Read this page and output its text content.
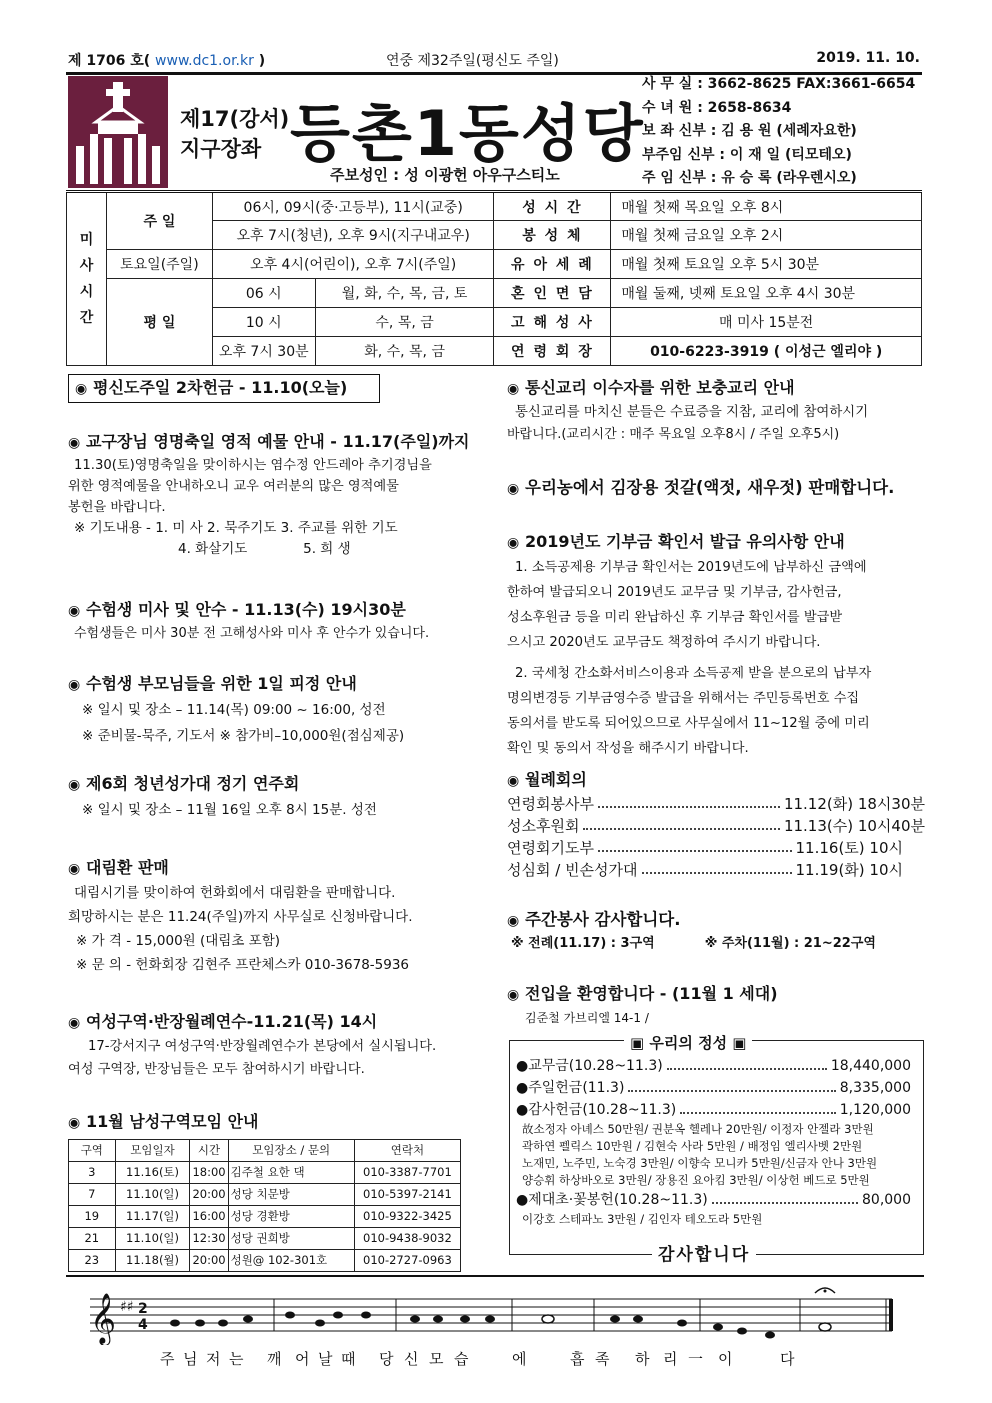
제 1706 호( www.dc1.or.kr )	연중 제32주일(평신도 주일)	2019. 11. 10.
제17(강서)
지구장좌 등촌1동성당
주보성인 : 성 이광헌 아우구스티노
사 무 실 : 3662-8625 FAX:3661-6654
수 녀 원 : 2658-8634
보 좌 신부 : 김 용 원 (세례자요한)
부주임 신부 : 이 재 일 (티모테오)
주 임 신부 : 유 승 록 (라우렌시오)
미
사
시
간	주 일	06시, 09시(중·고등부), 11시(교중)		성 시 간	매월 첫째 목요일 오후 8시
		오후 7시(청년), 오후 9시(지구내교우)		봉 성 체	매월 첫째 금요일 오후 2시
	토요일(주일)	오후 4시(어린이), 오후 7시(주일)		유 아 세 례	매월 첫째 토요일 오후 5시 30분
	평 일	06 시	월, 화, 수, 목, 금, 토	혼 인 면 담	매월 둘째, 넷째 토요일 오후 4시 30분
		10 시	수, 목, 금	고 해 성 사	매 미사 15분전
		오후 7시 30분	화, 수, 목, 금	연 령 회 장	010-6223-3919 ( 이성근 엘리야 )
◉ 평신도주일 2차헌금 - 11.10(오늘)
◉ 교구장님 영명축일 영적 예물 안내 - 11.17(주일)까지
11.30(토)영명축일을 맞이하시는 염수정 안드레아 추기경님을
위한 영적예물을 안내하오니 교우 여러분의 많은 영적예물
봉헌을 바랍니다.
※ 기도내용 - 1. 미 사 2. 묵주기도 3. 주교를 위한 기도
4. 화살기도             5. 희 생
◉ 수험생 미사 및 안수 - 11.13(수) 19시30분
수험생들은 미사 30분 전 고해성사와 미사 후 안수가 있습니다.
◉ 수험생 부모님들을 위한 1일 피정 안내
※ 일시 및 장소 – 11.14(목) 09:00 ~ 16:00, 성전
※ 준비물-묵주, 기도서 ※ 참가비–10,000원(점심제공)
◉ 제6회 청년성가대 정기 연주회
※ 일시 및 장소 – 11월 16일 오후 8시 15분. 성전
◉ 대림환 판매
대림시기를 맞이하여 헌화회에서 대림환을 판매합니다.
희망하시는 분은 11.24(주일)까지 사무실로 신청바랍니다.
※ 가 격 - 15,000원 (대림초 포함)
※ 문 의 - 헌화회장 김현주 프란체스카 010-3678-5936
◉ 여성구역·반장월례연수-11.21(목) 14시
17-강서지구 여성구역·반장월례연수가 본당에서 실시됩니다.
여성 구역장, 반장님들은 모두 참여하시기 바랍니다.
◉ 11월 남성구역모임 안내
구역	모임일자	시간	모임장소 / 문의	연락처
3	11.16(토)	18:00	김주철 요한 댁	010-3387-7701
7	11.10(일)	20:00	성당 치문방	010-5397-2141
19	11.17(일)	16:00	성당 경환방	010-9322-3425
21	11.10(일)	12:30	성당 권희방	010-9438-9032
23	11.18(월)	20:00	성원@ 102-301호	010-2727-0963
◉ 통신교리 이수자를 위한 보충교리 안내
통신교리를 마치신 분들은 수료증을 지참, 교리에 참여하시기
바랍니다.(교리시간 : 매주 목요일 오후8시 / 주일 오후5시)
◉ 우리농에서 김장용 젓갈(액젓, 새우젓) 판매합니다.
◉ 2019년도 기부금 확인서 발급 유의사항 안내
1. 소득공제용 기부금 확인서는 2019년도에 납부하신 금액에
한하여 발급되오니 2019년도 교무금 및 기부금, 감사헌금,
성소후원금 등을 미리 완납하신 후 기부금 확인서를 발급받
으시고 2020년도 교무금도 책정하여 주시기 바랍니다.
2. 국세청 간소화서비스이용과 소득공제 받을 분으로의 납부자
명의변경등 기부금영수증 발급을 위해서는 주민등록번호 수집
동의서를 받도록 되어있으므로 사무실에서 11~12월 중에 미리
확인 및 동의서 작성을 해주시기 바랍니다.
◉ 월례회의
연령회봉사부	11.12(화) 18시30분
성소후원회	11.13(수) 10시40분
연령회기도부	11.16(토) 10시
성심회 / 빈손성가대	11.19(화) 10시
◉ 주간봉사 감사합니다.
※ 전례(11.17) : 3구역	※ 주차(11월) : 21~22구역
◉ 전입을 환영합니다 - (11월 1 세대)
김준철 가브리엘 14-1 /
● 교무금(10.28~11.3)	18,440,000
● 주일헌금(11.3)	8,335,000
● 감사헌금(10.28~11.3)	1,120,000
故소정자 아녜스 50만원/ 권분옥 헬레나 20만원/ 이정자 안젤라 3만원
곽하연 펠릭스 10만원 / 김현숙 사라 5만원 / 배정임 엘리사벳 2만원
노재민, 노주민, 노숙경 3만원/ 이향숙 모니카 5만원/신금자 안나 3만원
양승휘 하상바오로 3만원/ 장용진 요아킴 3만원/ 이상헌 베드로 5만원
● 제대초·꽃봉헌(10.28~11.3)	80,000
이강호 스테파노 3만원 / 김인자 테오도라 5만원
▣ 우리의 정성 ▣
감사합니다
𝄞 ♯♯ 2
4
주 님 저 는 깨 어 날 때 당 신 모 습	에	흡 족 하 리 一 이	다
